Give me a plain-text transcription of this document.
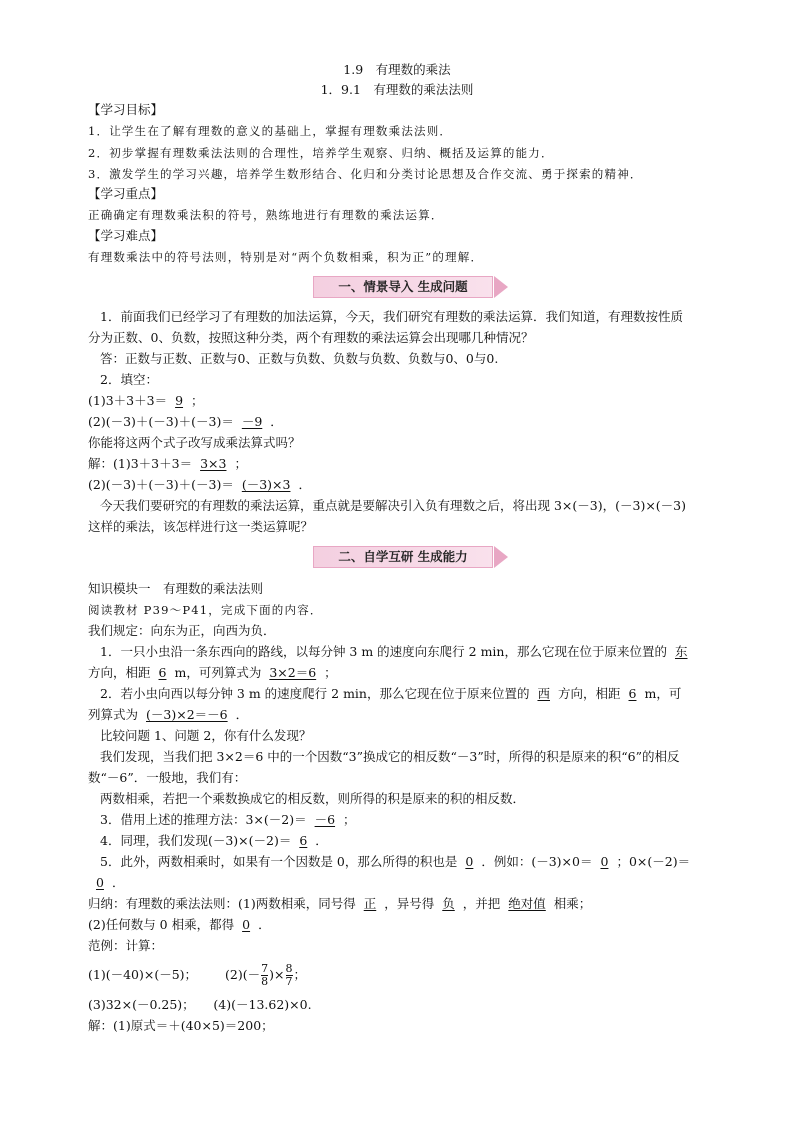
1.9　有理数的乘法
1．9.1　有理数的乘法法则
【学习目标】
1．让学生在了解有理数的意义的基础上，掌握有理数乘法法则．
2．初步掌握有理数乘法法则的合理性，培养学生观察、归纳、概括及运算的能力．
3．激发学生的学习兴趣，培养学生数形结合、化归和分类讨论思想及合作交流、勇于探索的精神．
【学习重点】
正确确定有理数乘法积的符号，熟练地进行有理数的乘法运算．
【学习难点】
有理数乘法中的符号法则，特别是对“两个负数相乘，积为正”的理解．
一、情景导入 生成问题
1．前面我们已经学习了有理数的加法运算，今天，我们研究有理数的乘法运算．我们知道，有理数按性质
分为正数、0、负数，按照这种分类，两个有理数的乘法运算会出现哪几种情况？
答：正数与正数、正数与0、正数与负数、负数与负数、负数与0、0与0.
2．填空：
(1)3＋3＋3＝ 9 ；
(2)(－3)＋(－3)＋(－3)＝ －9 ．
你能将这两个式子改写成乘法算式吗？
解：(1)3＋3＋3＝ 3×3 ；
(2)(－3)＋(－3)＋(－3)＝ (－3)×3 ．
今天我们要研究的有理数的乘法运算，重点就是要解决引入负有理数之后，将出现 3×(－3)，(－3)×(－3)
这样的乘法，该怎样进行这一类运算呢？
二、自学互研 生成能力
知识模块一　有理数的乘法法则
阅读教材 P39～P41，完成下面的内容．
我们规定：向东为正，向西为负．
1．一只小虫沿一条东西向的路线，以每分钟 3 m 的速度向东爬行 2 min，那么它现在位于原来位置的 东
方向，相距 6 m，可列算式为 3×2＝6 ；
2．若小虫向西以每分钟 3 m 的速度爬行 2 min，那么它现在位于原来位置的 西 方向，相距 6 m，可
列算式为 (－3)×2＝－6 ．
比较问题 1、问题 2，你有什么发现？
我们发现，当我们把 3×2＝6 中的一个因数“3”换成它的相反数“－3”时，所得的积是原来的积“6”的相反
数“－6”．一般地，我们有：
两数相乘，若把一个乘数换成它的相反数，则所得的积是原来的积的相反数．
3．借用上述的推理方法：3×(－2)＝ －6 ；
4．同理，我们发现(－3)×(－2)＝ 6 ．
5．此外，两数相乘时，如果有一个因数是 0，那么所得的积也是 0 ．例如：(－3)×0＝ 0 ；0×(－2)＝
0 ．
归纳：有理数的乘法法则：(1)两数相乘，同号得 正 ，异号得 负 ，并把 绝对值 相乘；
(2)任何数与 0 相乘，都得 0 ．
范例：计算：
(1)(－40)×(－5)； $(2)(- \frac{7}{8}$ )× $\frac{8}{7}$ ；
(3)32×(－0.25)；　　(4)(－13.62)×0.
解：(1)原式＝＋(40×5)＝200；
